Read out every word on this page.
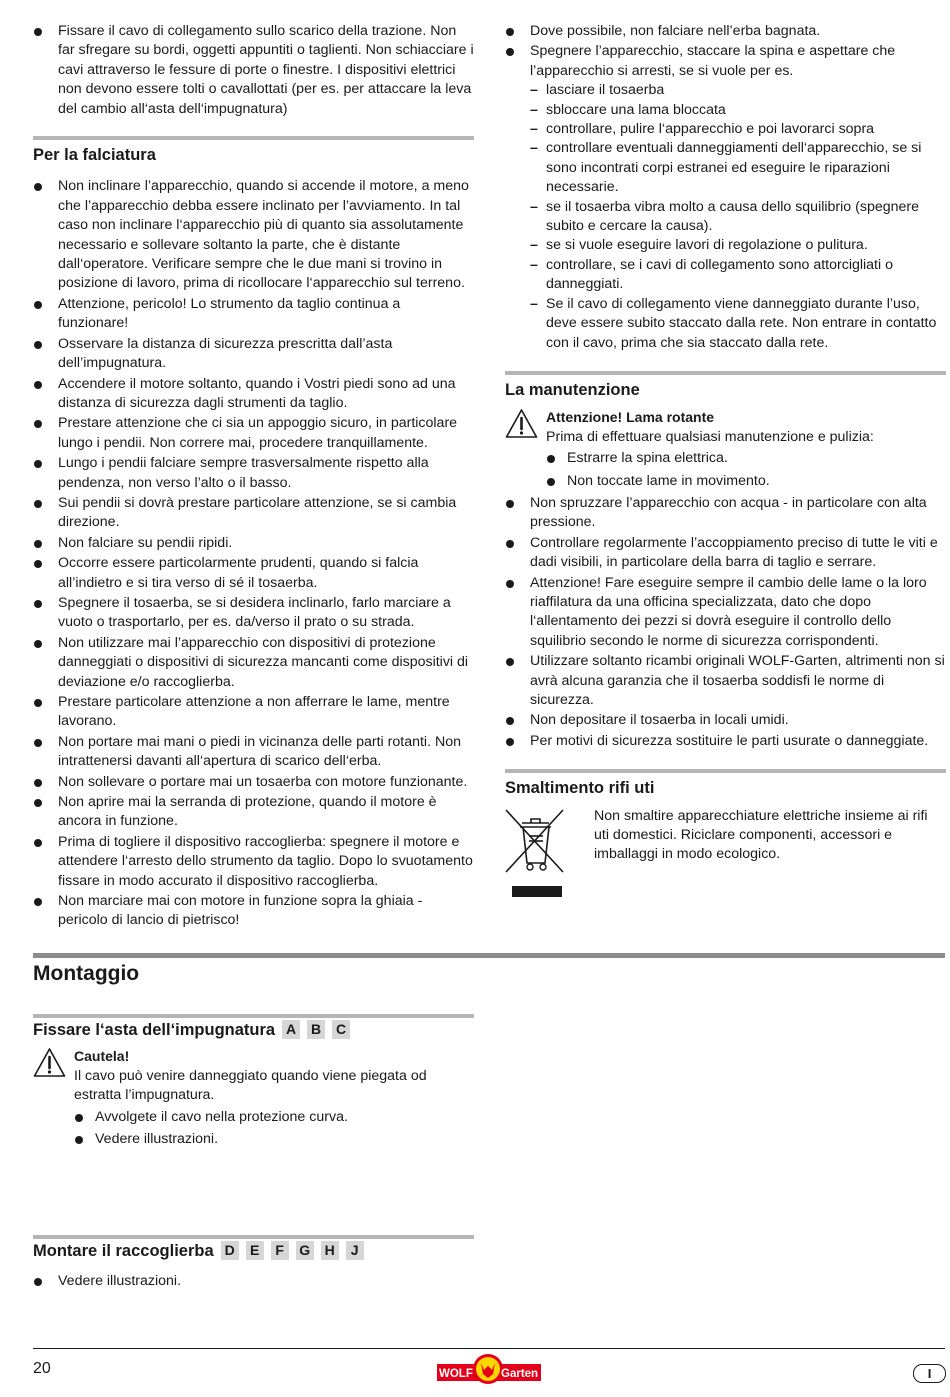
Fissare il cavo di collegamento sullo scarico della trazione. Non far sfregare su bordi, oggetti appuntiti o taglienti. Non schiacciare i cavi attraverso le fessure di porte o finestre. I dispositivi elettrici non devono essere tolti o cavallottati (per es. per attaccare la leva del cambio all‘asta dell‘impugnatura)
Per la falciatura
Non inclinare l’apparecchio, quando si accende il motore, a meno che l’apparecchio debba essere inclinato per l’avviamento. In tal caso non inclinare l‘apparecchio più di quanto sia assolutamente necessario e sollevare soltanto la parte, che è distante dall‘operatore. Verificare sempre che le due mani si trovino in posizione di lavoro, prima di ricollocare l‘apparecchio sul terreno.
Attenzione, pericolo! Lo strumento da taglio continua a funzionare!
Osservare la distanza di sicurezza prescritta dall’asta dell’impugnatura.
Accendere il motore soltanto, quando i Vostri piedi sono ad una distanza di sicurezza dagli strumenti da taglio.
Prestare attenzione che ci sia un appoggio sicuro, in particolare lungo i pendii. Non correre mai, procedere tranquillamente.
Lungo i pendii falciare sempre trasversalmente rispetto alla pendenza, non verso l’alto o il basso.
Sui pendii si dovrà prestare particolare attenzione, se si cambia direzione.
Non falciare su pendii ripidi.
Occorre essere particolarmente prudenti, quando si falcia all’indietro e si tira verso di sé il tosaerba.
Spegnere il tosaerba, se si desidera inclinarlo, farlo marciare a vuoto o trasportarlo, per es. da/verso il prato o su strada.
Non utilizzare mai l’apparecchio con dispositivi di protezione danneggiati o dispositivi di sicurezza mancanti come dispositivi di deviazione e/o raccoglierba.
Prestare particolare attenzione a non afferrare le lame, mentre lavorano.
Non portare mai mani o piedi in vicinanza delle parti rotanti. Non intrattenersi davanti all‘apertura di scarico dell‘erba.
Non sollevare o portare mai un tosaerba con motore funzionante.
Non aprire mai la serranda di protezione, quando il motore è ancora in funzione.
Prima di togliere il dispositivo raccoglierba: spegnere il motore e attendere l‘arresto dello strumento da taglio. Dopo lo svuotamento fissare in modo accurato il dispositivo raccoglierba.
Non marciare mai con motore in funzione sopra la ghiaia - pericolo di lancio di pietrisco!
Dove possibile, non falciare nell’erba bagnata.
Spegnere l’apparecchio, staccare la spina e aspettare che l’apparecchio si arresti, se si vuole per es.
– lasciare il tosaerba
– sbloccare una lama bloccata
– controllare, pulire l‘apparecchio e poi lavorarci sopra
– controllare eventuali danneggiamenti dell‘apparecchio, se si sono incontrati corpi estranei ed eseguire le riparazioni necessarie.
– se il tosaerba vibra molto a causa dello squilibrio (spegnere subito e cercare la causa).
– se si vuole eseguire lavori di regolazione o pulitura.
– controllare, se i cavi di collegamento sono attorcigliati o danneggiati.
– Se il cavo di collegamento viene danneggiato durante l’uso, deve essere subito staccato dalla rete. Non entrare in contatto con il cavo, prima che sia staccato dalla rete.
La manutenzione
Attenzione! Lama rotante
Prima di effettuare qualsiasi manutenzione e pulizia:
Estrarre la spina elettrica.
Non toccate lame in movimento.
Non spruzzare l’apparecchio con acqua - in particolare con alta pressione.
Controllare regolarmente l’accoppiamento preciso di tutte le viti e dadi visibili, in particolare della barra di taglio e serrare.
Attenzione! Fare eseguire sempre il cambio delle lame o la loro riaffilatura da una officina specializzata, dato che dopo l‘allentamento dei pezzi si dovrà eseguire il controllo dello squilibrio secondo le norme di sicurezza corrispondenti.
Utilizzare soltanto ricambi originali WOLF-Garten, altrimenti non si avrà alcuna garanzia che il tosaerba soddisfi le norme di sicurezza.
Non depositare il tosaerba in locali umidi.
Per motivi di sicurezza sostituire le parti usurate o danneggiate.
Smaltimento rifi uti
Non smaltire apparecchiature elettriche insieme ai rifi uti domestici. Riciclare componenti, accessori e imballaggi in modo ecologico.
Montaggio
Fissare l‘asta dell‘impugnatura A B C
Cautela!
Il cavo può venire danneggiato quando viene piegata od estratta l’impugnatura.
Avvolgete il cavo nella protezione curva.
Vedere illustrazioni.
Montare il raccoglierba D E F G H J
Vedere illustrazioni.
20	WOLF Garten	I
